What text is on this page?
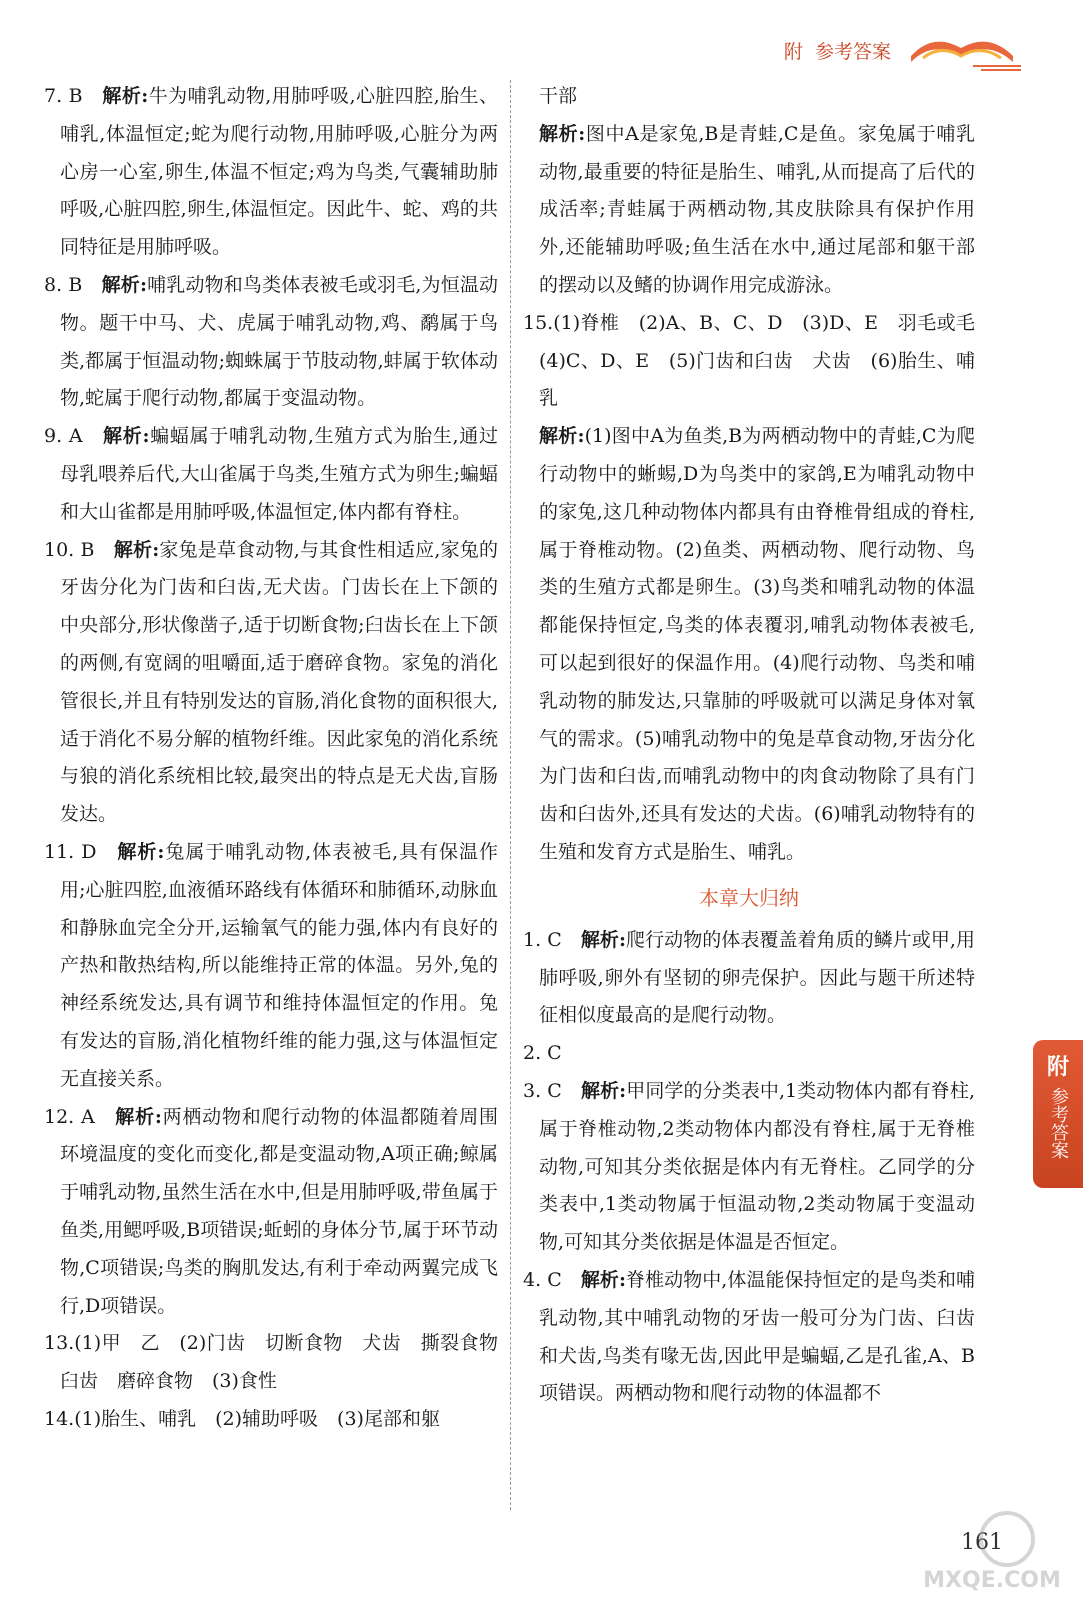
附  参考答案

7. B　 解析:牛为哺乳动物,用肺呼吸,心脏四腔,胎生、哺乳,体温恒定;蛇为爬行动物,用肺呼吸,心脏分为两心房一心室,卵生,体温不恒定;鸡为鸟类,气囊辅助肺呼吸,心脏四腔,卵生,体温恒定。因此牛、蛇、鸡的共同特征是用肺呼吸。

8. B　 解析:哺乳动物和鸟类体表被毛或羽毛,为恒温动物。题干中马、犬、虎属于哺乳动物,鸡、鹬属于鸟类,都属于恒温动物;蜘蛛属于节肢动物,蚌属于软体动物,蛇属于爬行动物,都属于变温动物。

9. A　 解析:蝙蝠属于哺乳动物,生殖方式为胎生,通过母乳喂养后代,大山雀属于鸟类,生殖方式为卵生;蝙蝠和大山雀都是用肺呼吸,体温恒定,体内都有脊柱。

10. B　 解析:家兔是草食动物,与其食性相适应,家兔的牙齿分化为门齿和臼齿,无犬齿。门齿长在上下颌的中央部分,形状像凿子,适于切断食物;臼齿长在上下颌的两侧,有宽阔的咀嚼面,适于磨碎食物。家兔的消化管很长,并且有特别发达的盲肠,消化食物的面积很大,适于消化不易分解的植物纤维。因此家兔的消化系统与狼的消化系统相比较,最突出的特点是无犬齿,盲肠发达。

11. D　 解析:兔属于哺乳动物,体表被毛,具有保温作用;心脏四腔,血液循环路线有体循环和肺循环,动脉血和静脉血完全分开,运输氧气的能力强,体内有良好的产热和散热结构,所以能维持正常的体温。另外,兔的神经系统发达,具有调节和维持体温恒定的作用。兔有发达的盲肠,消化植物纤维的能力强,这与体温恒定无直接关系。

12. A　 解析:两栖动物和爬行动物的体温都随着周围环境温度的变化而变化,都是变温动物,A项正确;鲸属于哺乳动物,虽然生活在水中,但是用肺呼吸,带鱼属于鱼类,用鳃呼吸,B项错误;蚯蚓的身体分节,属于环节动物,C项错误;鸟类的胸肌发达,有利于牵动两翼完成飞行,D项错误。

13.(1)甲　乙　(2)门齿　切断食物　犬齿　撕裂食物　臼齿　磨碎食物　(3)食性

14.(1)胎生、哺乳　(2)辅助呼吸　(3)尾部和躯

干部

解析:图中A是家兔,B是青蛙,C是鱼。家兔属于哺乳动物,最重要的特征是胎生、哺乳,从而提高了后代的成活率;青蛙属于两栖动物,其皮肤除具有保护作用外,还能辅助呼吸;鱼生活在水中,通过尾部和躯干部的摆动以及鳍的协调作用完成游泳。

15.(1)脊椎　(2)A、B、C、D　(3)D、E　羽毛或毛　(4)C、D、E　(5)门齿和臼齿　犬齿　(6)胎生、哺乳

解析:(1)图中A为鱼类,B为两栖动物中的青蛙,C为爬行动物中的蜥蜴,D为鸟类中的家鸽,E为哺乳动物中的家兔,这几种动物体内都具有由脊椎骨组成的脊柱,属于脊椎动物。(2)鱼类、两栖动物、爬行动物、鸟类的生殖方式都是卵生。(3)鸟类和哺乳动物的体温都能保持恒定,鸟类的体表覆羽,哺乳动物体表被毛,可以起到很好的保温作用。(4)爬行动物、鸟类和哺乳动物的肺发达,只靠肺的呼吸就可以满足身体对氧气的需求。(5)哺乳动物中的兔是草食动物,牙齿分化为门齿和臼齿,而哺乳动物中的肉食动物除了具有门齿和臼齿外,还具有发达的犬齿。(6)哺乳动物特有的生殖和发育方式是胎生、哺乳。

本章大归纳

1. C　 解析:爬行动物的体表覆盖着角质的鳞片或甲,用肺呼吸,卵外有坚韧的卵壳保护。因此与题干所述特征相似度最高的是爬行动物。

2. C

3. C　 解析:甲同学的分类表中,1类动物体内都有脊柱,属于脊椎动物,2类动物体内都没有脊柱,属于无脊椎动物,可知其分类依据是体内有无脊柱。乙同学的分类表中,1类动物属于恒温动物,2类动物属于变温动物,可知其分类依据是体温是否恒定。

4. C　 解析:脊椎动物中,体温能保持恒定的是鸟类和哺乳动物,其中哺乳动物的牙齿一般可分为门齿、臼齿和犬齿,鸟类有喙无齿,因此甲是蝙蝠,乙是孔雀,A、B项错误。两栖动物和爬行动物的体温都不

附
参考答案
161
MXQE.COM
